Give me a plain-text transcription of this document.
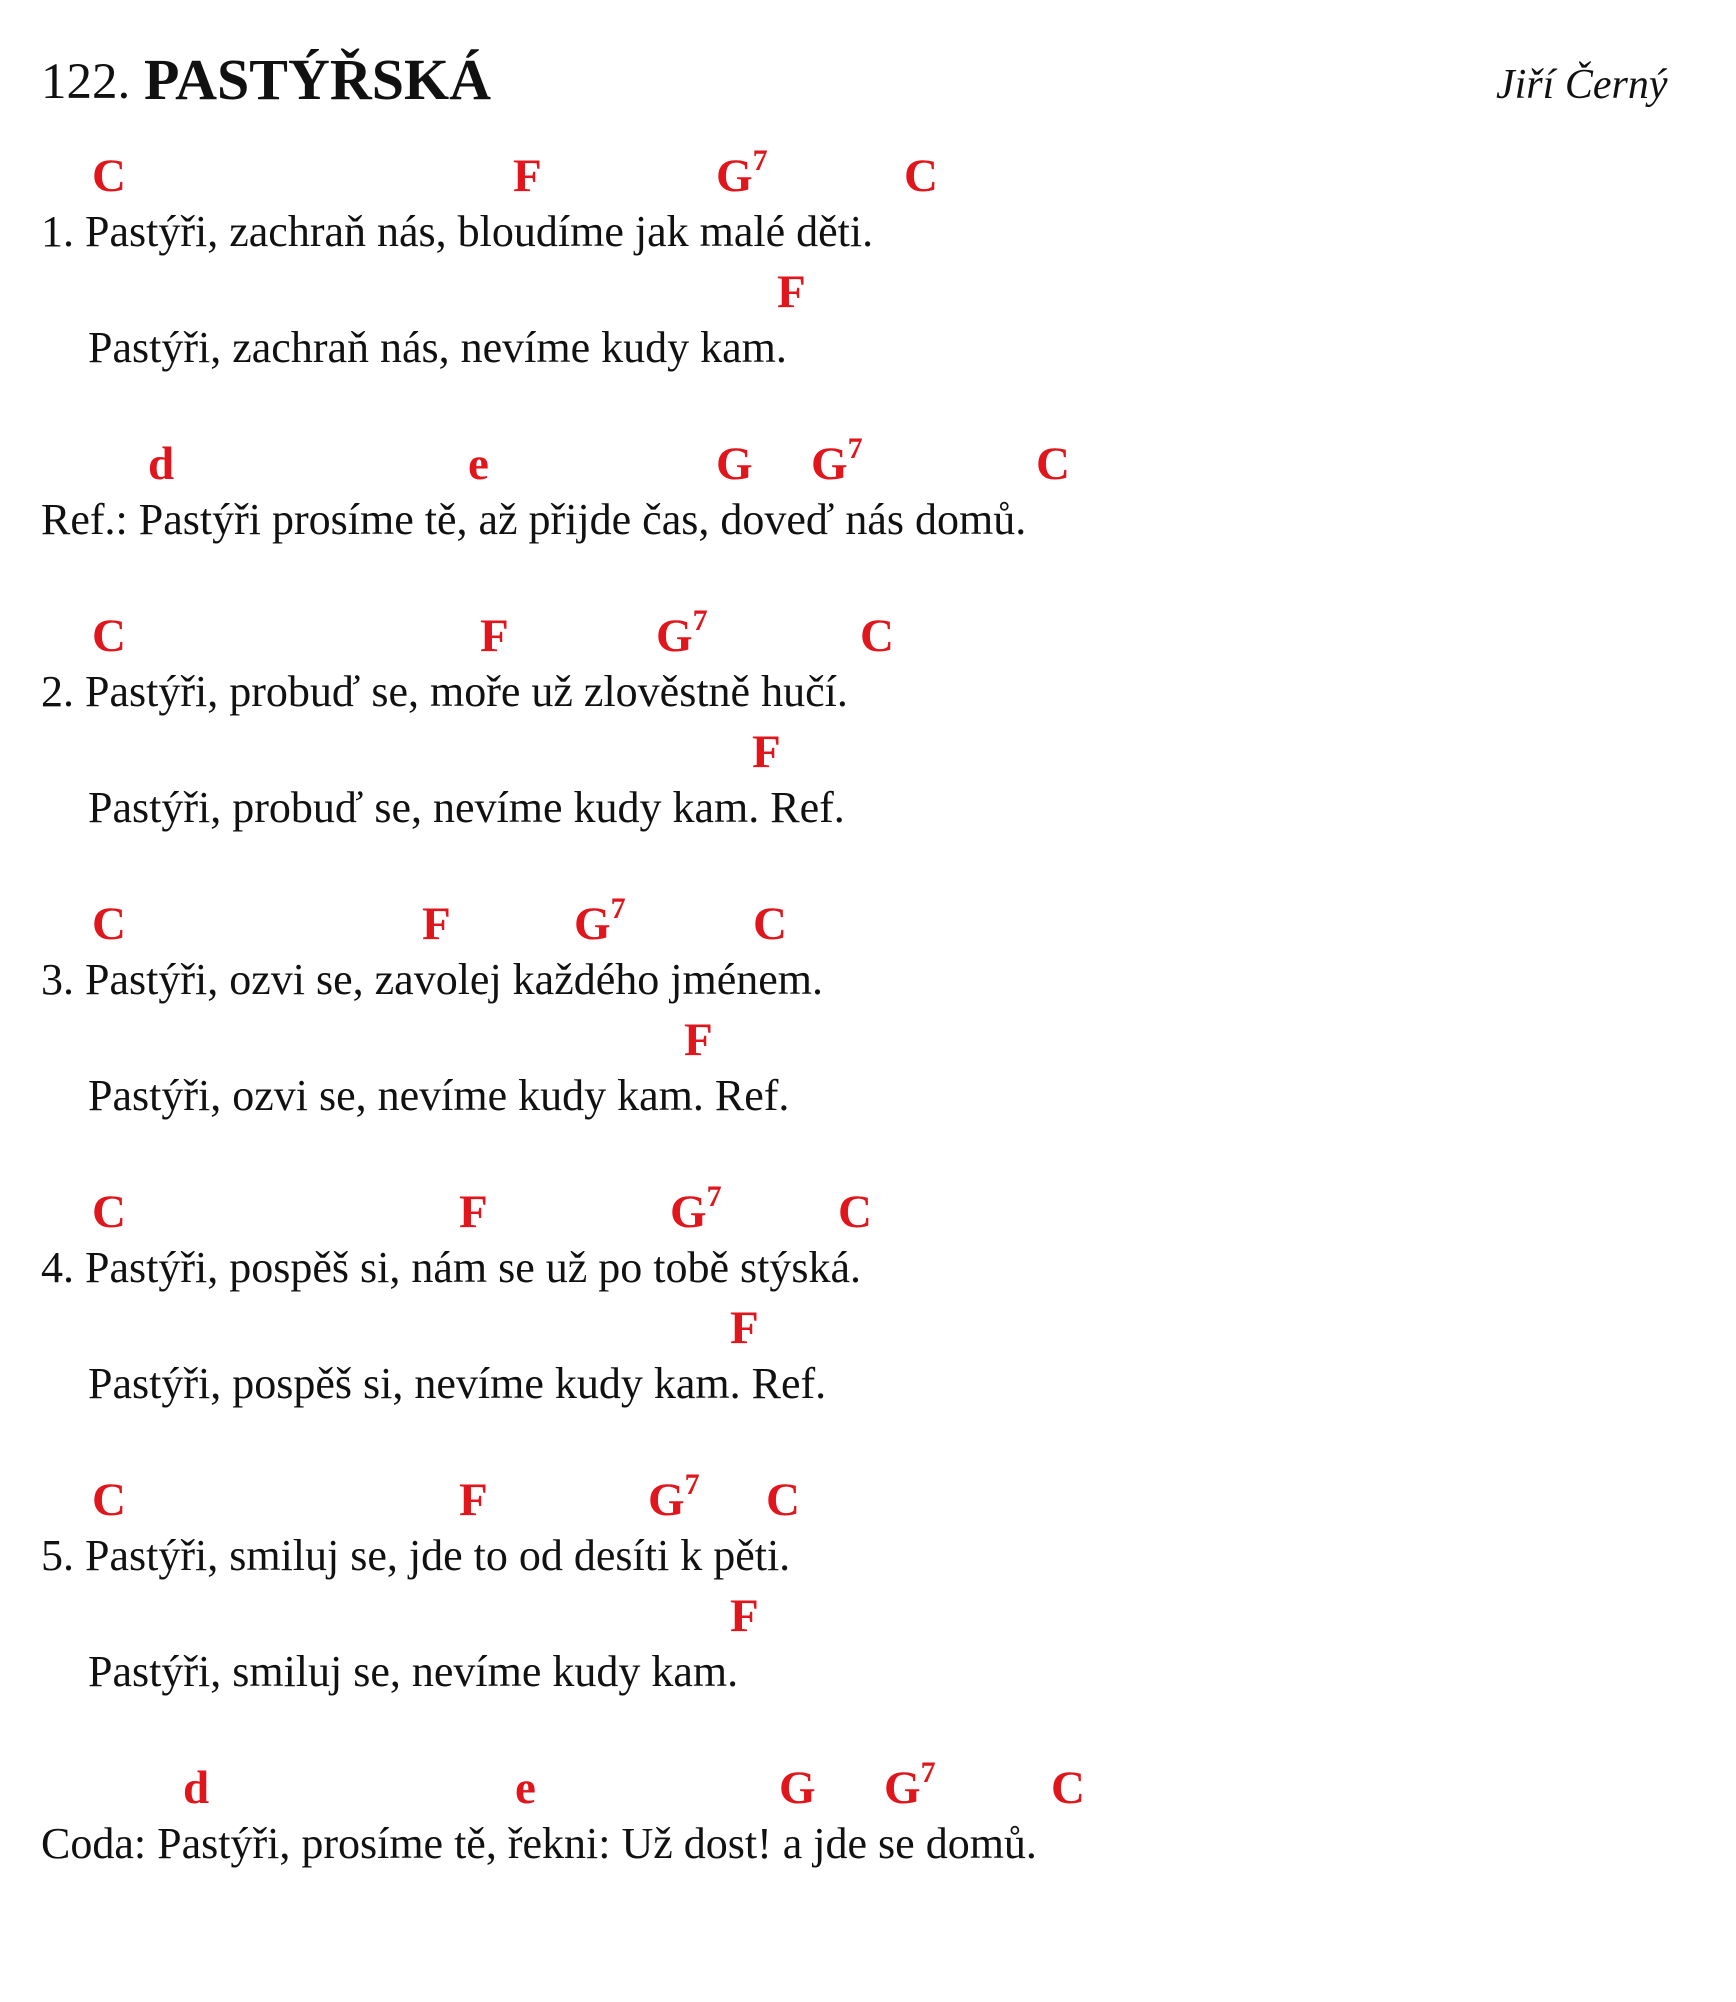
122. PASTÝŘSKÁ	Jiří Černý
C	F	$G^7$	C
1. Pastýři, zachraň nás, bloudíme jak malé děti.
F
Pastýři, zachraň nás, nevíme kudy kam.
d	e	G $G^7$	C
Ref.: Pastýři prosíme tě, až přijde čas, doveď nás domů.
C	F	$G^7$	C
2. Pastýři, probuď se, moře už zlověstně hučí.
F
Pastýři, probuď se, nevíme kudy kam. Ref.
C	F	$G^7$	C
3. Pastýři, ozvi se, zavolej každého jménem.
F
Pastýři, ozvi se, nevíme kudy kam. Ref.
C	F	$G^7$ C
4. Pastýři, pospěš si, nám se už po tobě stýská.
F
Pastýři, pospěš si, nevíme kudy kam. Ref.
C	F	$G^7$ C
5. Pastýři, smiluj se, jde to od desíti k pěti.
F
Pastýři, smiluj se, nevíme kudy kam.
d	e	G $G^7$ C
Coda: Pastýři, prosíme tě, řekni: Už dost! a jde se domů.
